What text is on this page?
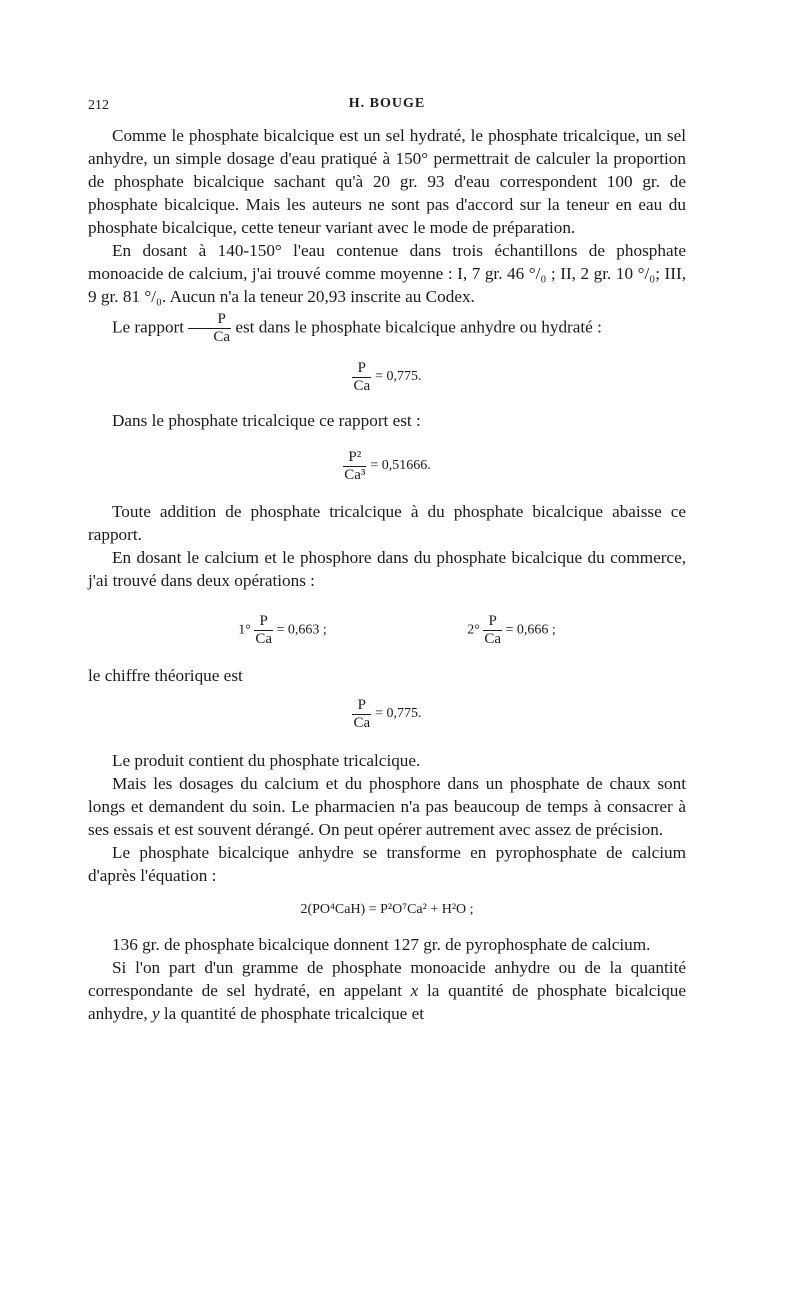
212	H. BOUGE

Comme le phosphate bicalcique est un sel hydraté, le phosphate tricalcique, un sel anhydre, un simple dosage d'eau pratiqué à 150° permettrait de calculer la proportion de phosphate bicalcique sachant qu'à 20 gr. 93 d'eau correspondent 100 gr. de phosphate bicalcique. Mais les auteurs ne sont pas d'accord sur la teneur en eau du phosphate bicalcique, cette teneur variant avec le mode de préparation.

En dosant à 140-150° l'eau contenue dans trois échantillons de phosphate monoacide de calcium, j'ai trouvé comme moyenne : I, 7 gr. 46 °/₀ ; II, 2 gr. 10 °/₀; III, 9 gr. 81 °/₀. Aucun n'a la teneur 20,93 inscrite au Codex.

Le rapport $\frac{P}{Ca}$ est dans le phosphate bicalcique anhydre ou hydraté :

$\frac{P}{Ca} = 0,775$.

Dans le phosphate tricalcique ce rapport est :

$\frac{\text{P²}}{\text{Ca³}} = 0,51666$.

Toute addition de phosphate tricalcique à du phosphate bicalcique abaisse ce rapport.

En dosant le calcium et le phosphore dans du phosphate bicalcique du commerce, j'ai trouvé dans deux opérations :

$1^\circ \frac{P}{Ca} = 0,663$ ;	$2^\circ \frac{P}{Ca} = 0,666$ ;

le chiffre théorique est

$\frac{P}{Ca} = 0,775$.

Le produit contient du phosphate tricalcique.

Mais les dosages du calcium et du phosphore dans un phosphate de chaux sont longs et demandent du soin. Le pharmacien n'a pas beaucoup de temps à consacrer à ses essais et est souvent dérangé. On peut opérer autrement avec assez de précision.

Le phosphate bicalcique anhydre se transforme en pyrophosphate de calcium d'après l'équation :

2(PO⁴CaH) = P²O⁷Ca² + H²O ;

136 gr. de phosphate bicalcique donnent 127 gr. de pyrophosphate de calcium.

Si l'on part d'un gramme de phosphate monoacide anhydre ou de la quantité correspondante de sel hydraté, en appelant x la quantité de phosphate bicalcique anhydre, y la quantité de phosphate tricalcique et
